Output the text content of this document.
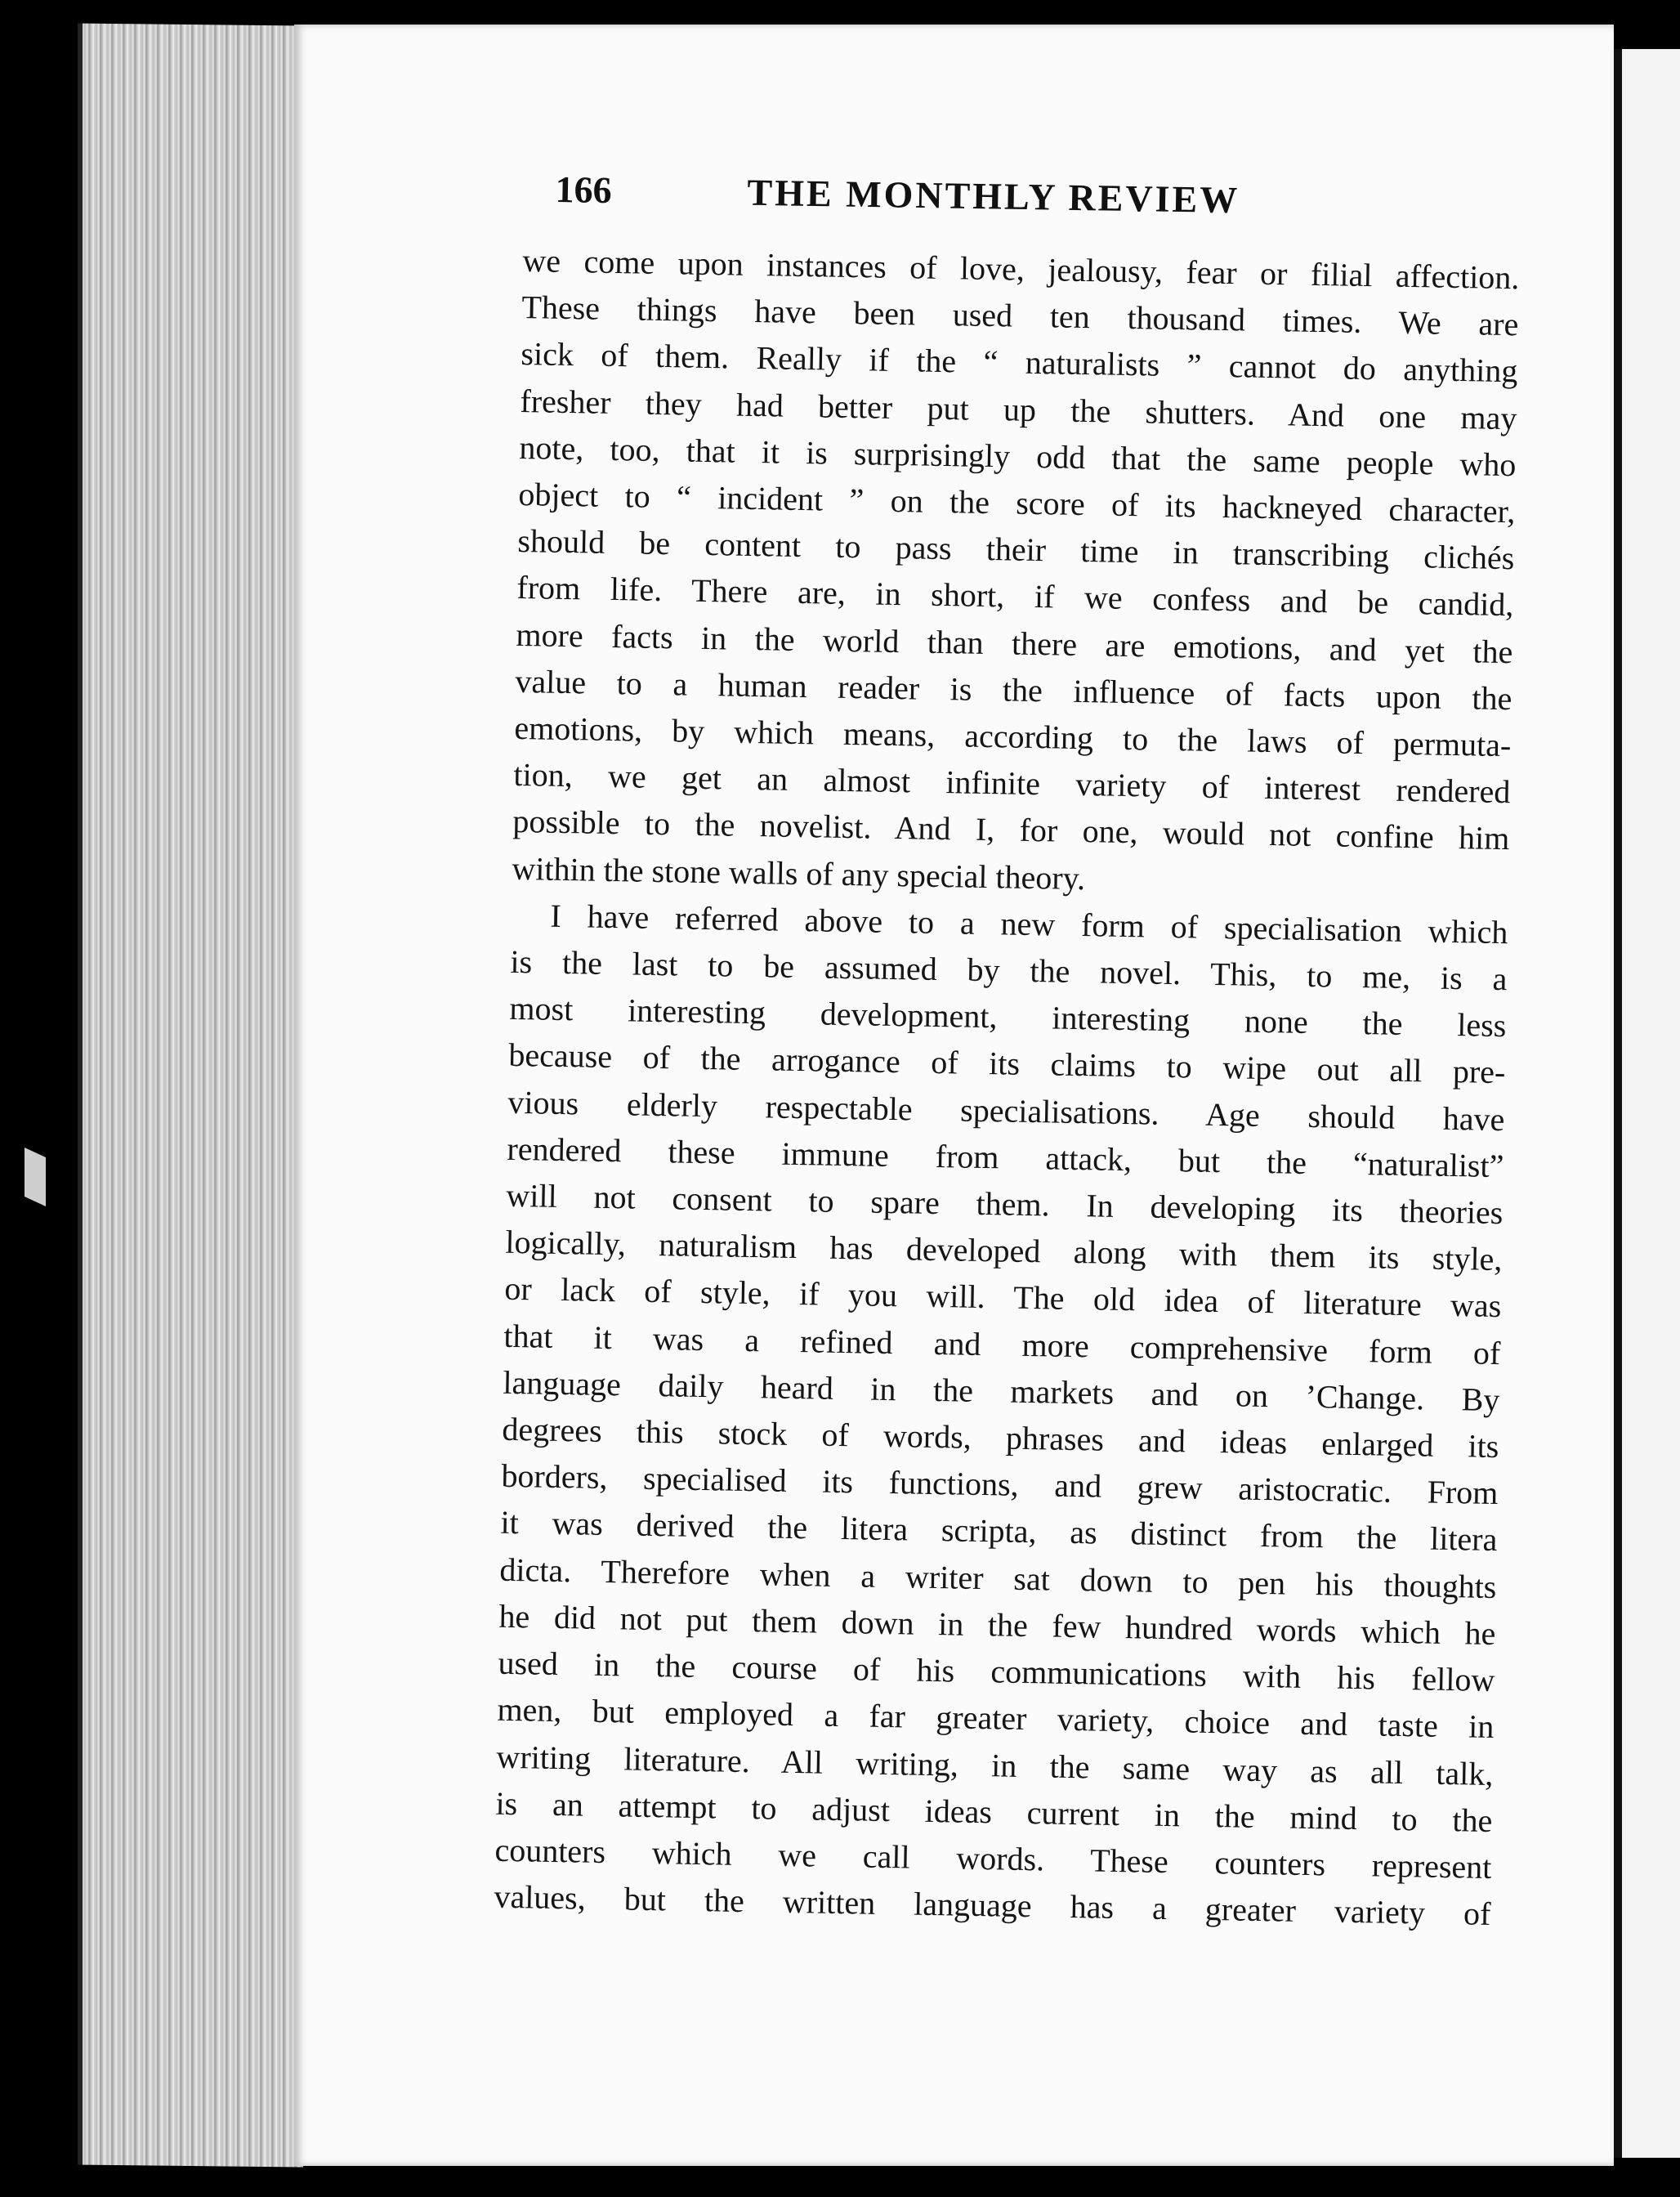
166	THE MONTHLY REVIEW
we come upon instances of love, jealousy, fear or filial affection.
These things have been used ten thousand times. We are
sick of them. Really if the “ naturalists ” cannot do anything
fresher they had better put up the shutters. And one may
note, too, that it is surprisingly odd that the same people who
object to “ incident ” on the score of its hackneyed character,
should be content to pass their time in transcribing clichés
from life. There are, in short, if we confess and be candid,
more facts in the world than there are emotions, and yet the
value to a human reader is the influence of facts upon the
emotions, by which means, according to the laws of permuta-
tion, we get an almost infinite variety of interest rendered
possible to the novelist. And I, for one, would not confine him
within the stone walls of any special theory.
I have referred above to a new form of specialisation which
is the last to be assumed by the novel. This, to me, is a
most interesting development, interesting none the less
because of the arrogance of its claims to wipe out all pre-
vious elderly respectable specialisations. Age should have
rendered these immune from attack, but the “naturalist”
will not consent to spare them. In developing its theories
logically, naturalism has developed along with them its style,
or lack of style, if you will. The old idea of literature was
that it was a refined and more comprehensive form of
language daily heard in the markets and on ’Change. By
degrees this stock of words, phrases and ideas enlarged its
borders, specialised its functions, and grew aristocratic. From
it was derived the litera scripta, as distinct from the litera
dicta. Therefore when a writer sat down to pen his thoughts
he did not put them down in the few hundred words which he
used in the course of his communications with his fellow
men, but employed a far greater variety, choice and taste in
writing literature. All writing, in the same way as all talk,
is an attempt to adjust ideas current in the mind to the
counters which we call words. These counters represent
values, but the written language has a greater variety of
